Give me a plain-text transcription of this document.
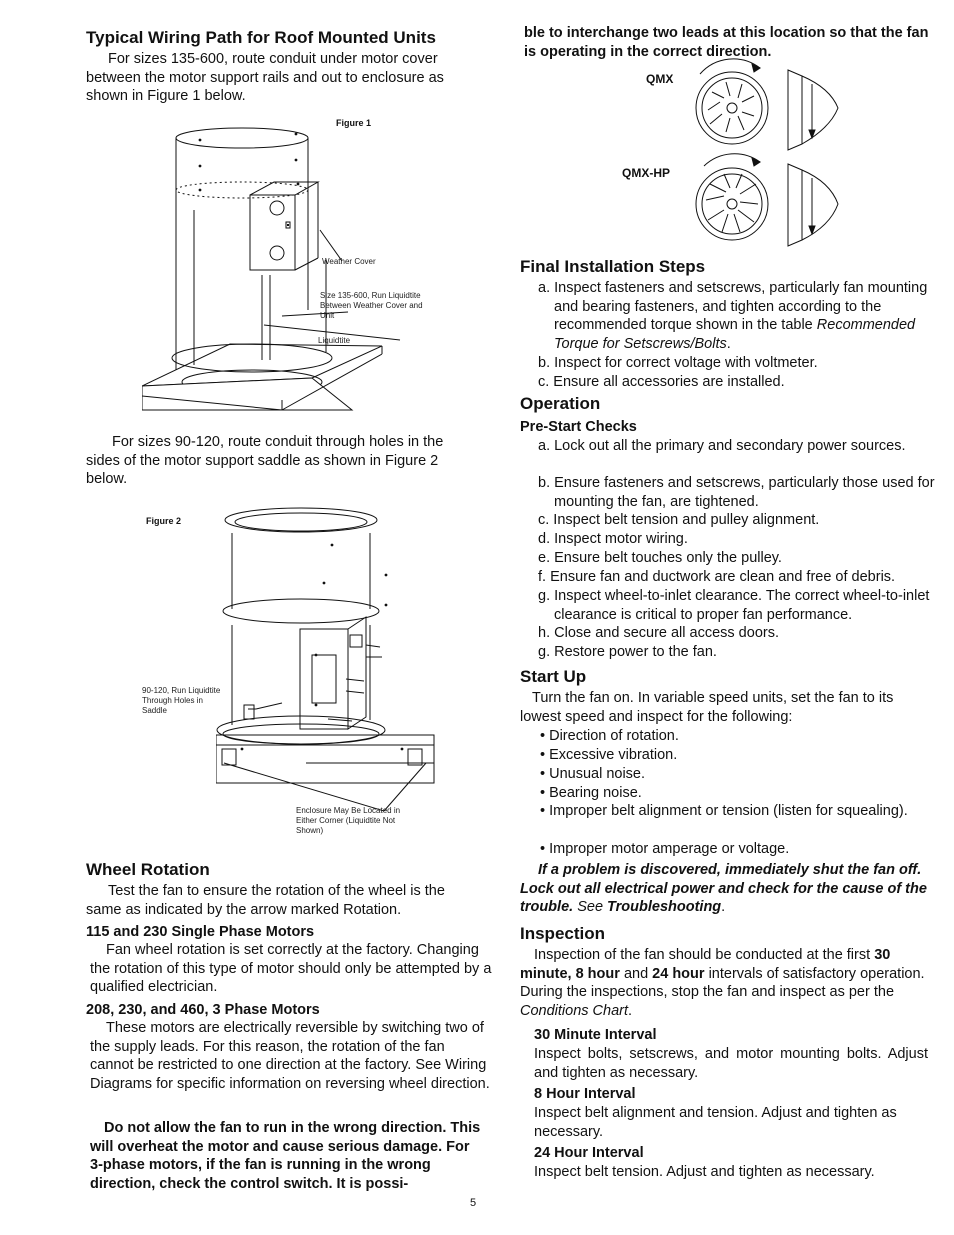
Typical Wiring Path for Roof Mounted Units

For sizes 135-600, route conduit under motor cover between the motor support rails and out to enclosure as shown in Figure 1 below.

Figure 1
Weather Cover
Size 135-600, Run Liquidtite Between Weather Cover and Unit
Liquidtite

For sizes 90-120, route conduit through holes in the sides of the motor support saddle as shown in Figure 2 below.

Figure 2
90-120, Run Liquidtite Through Holes in Saddle
Enclosure May Be Located in Either Corner (Liquidtite Not Shown)
Wheel Rotation

Test the fan to ensure the rotation of the wheel is the same as indicated by the arrow marked Rotation.

115 and 230 Single Phase Motors

Fan wheel rotation is set correctly at the factory. Changing the rotation of this type of motor should only be attempted by a qualified electrician.

208, 230, and 460, 3 Phase Motors

These motors are electrically reversible by switching two of the supply leads. For this reason, the rotation of the fan cannot be restricted to one direction at the factory. See Wiring Diagrams for specific information on reversing wheel direction.

Do not allow the fan to run in the wrong direction. This will overheat the motor and cause serious damage. For 3-phase motors, if the fan is running in the wrong direction, check the control switch. It is possi-

ble to interchange two leads at this location so that the fan is operating in the correct direction.

QMX
QMX-HP
Final Installation Steps

a. Inspect fasteners and setscrews, particularly fan mounting and bearing fasteners, and tighten according to the recommended torque shown in the table Recommended Torque for Setscrews/Bolts.

b. Inspect for correct voltage with voltmeter.

c. Ensure all accessories are installed.

Operation
Pre-Start Checks

a. Lock out all the primary and secondary power sources.

b. Ensure fasteners and setscrews, particularly those used for mounting the fan, are tightened.

c. Inspect belt tension and pulley alignment.

d. Inspect motor wiring.

e. Ensure belt touches only the pulley.

f. Ensure fan and ductwork are clean and free of debris.

g. Inspect wheel-to-inlet clearance. The correct wheel-to-inlet clearance is critical to proper fan performance.

h. Close and secure all access doors.

g. Restore power to the fan.

Start Up

Turn the fan on. In variable speed units, set the fan to its lowest speed and inspect for the following:

• Direction of rotation.

• Excessive vibration.

• Unusual noise.

• Bearing noise.

• Improper belt alignment or tension (listen for squealing).

• Improper motor amperage or voltage.

If a problem is discovered, immediately shut the fan off. Lock out all electrical power and check for the cause of the trouble. See Troubleshooting.

Inspection

Inspection of the fan should be conducted at the first 30 minute, 8 hour and 24 hour intervals of satisfactory operation. During the inspections, stop the fan and inspect as per the Conditions Chart.

30 Minute Interval

Inspect bolts, setscrews, and motor mounting bolts. Adjust and tighten as necessary.

8 Hour Interval

Inspect belt alignment and tension. Adjust and tighten as necessary.

24 Hour Interval

Inspect belt tension. Adjust and tighten as necessary.

5
